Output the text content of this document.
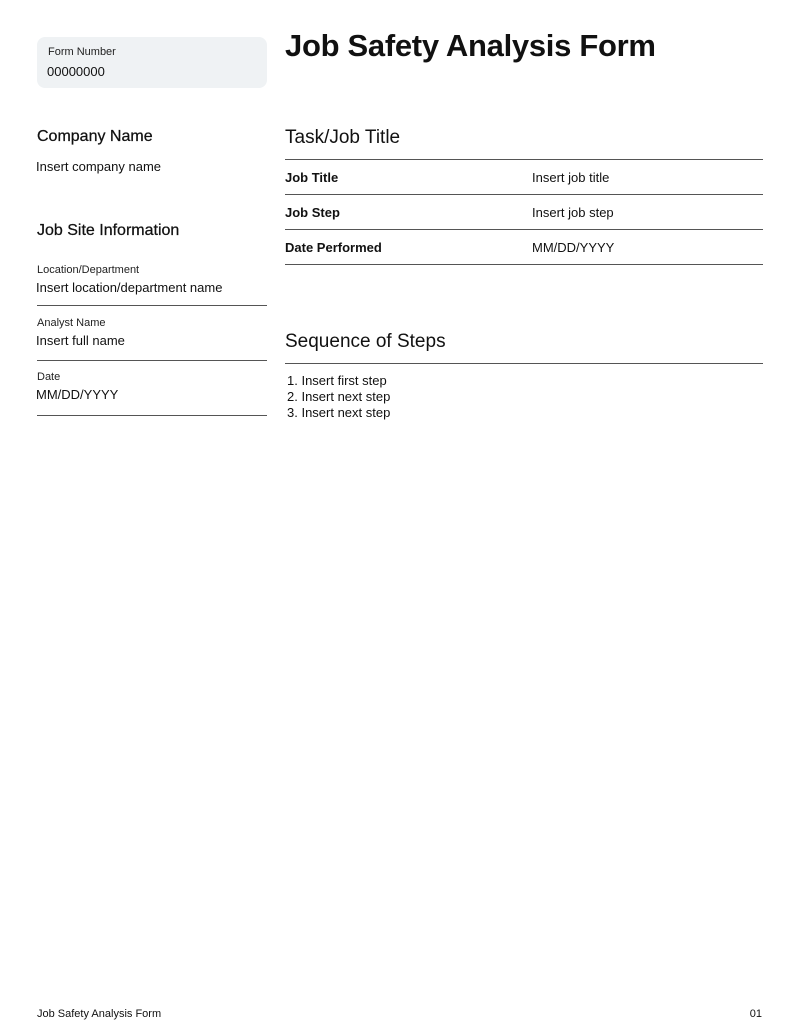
Form Number
00000000
Job Safety Analysis Form
Company Name
Insert company name
Job Site Information
Location/Department
Insert location/department name
Analyst Name
Insert full name
Date
MM/DD/YYYY
Task/Job Title
Job Title	Insert job title
Job Step	Insert job step
Date Performed	MM/DD/YYYY
Sequence of Steps
1. Insert first step
2. Insert next step
3. Insert next step
Job Safety Analysis Form	01
